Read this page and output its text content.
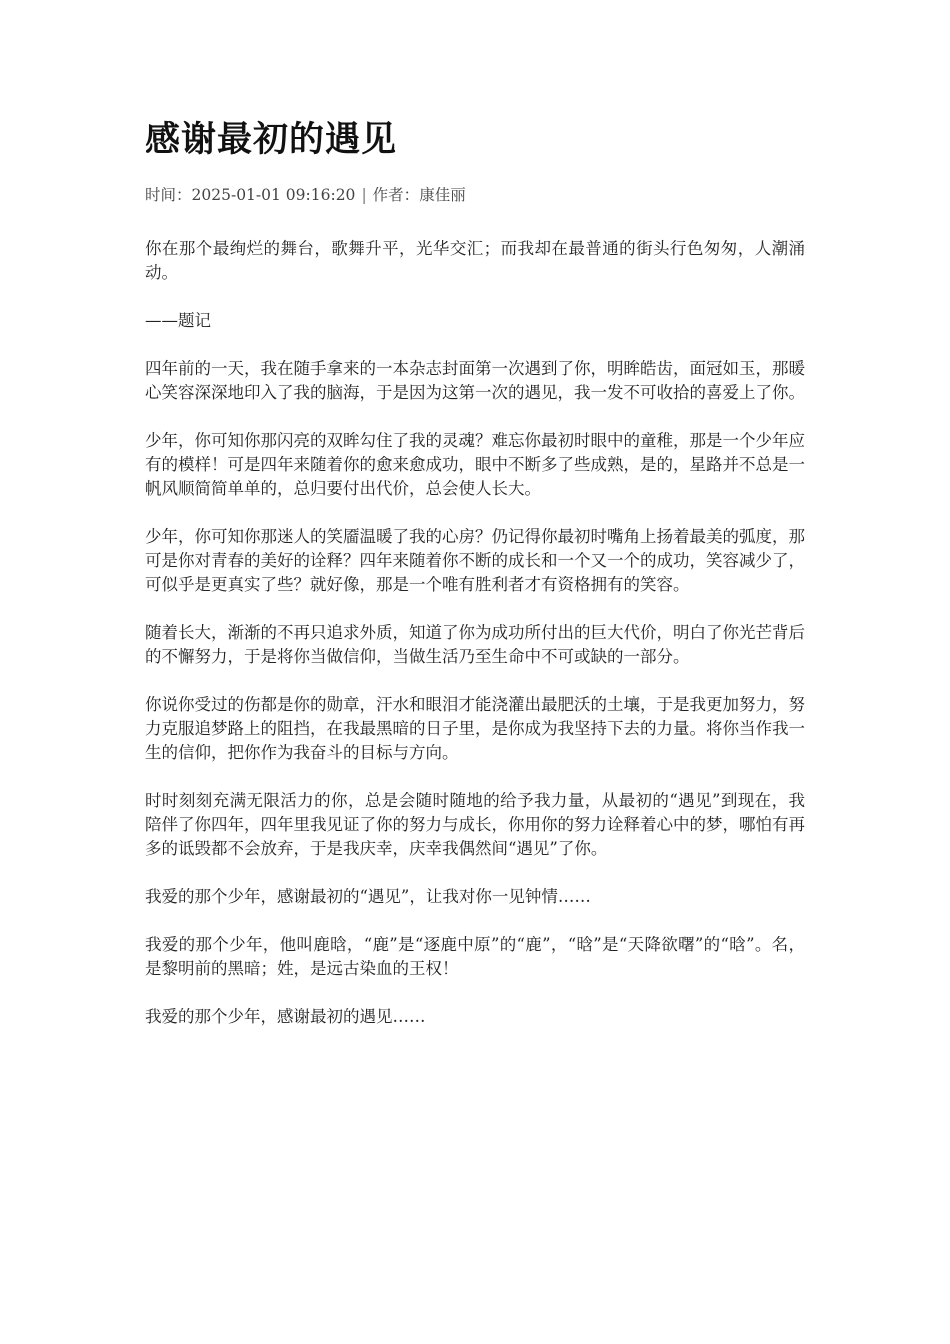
感谢最初的遇见
时间：2025-01-01 09:16:20 | 作者：康佳丽

你在那个最绚烂的舞台，歌舞升平，光华交汇；而我却在最普通的街头行色匆匆，人潮涌动。

——题记

四年前的一天，我在随手拿来的一本杂志封面第一次遇到了你，明眸皓齿，面冠如玉，那暖心笑容深深地印入了我的脑海，于是因为这第一次的遇见，我一发不可收拾的喜爱上了你。

少年，你可知你那闪亮的双眸勾住了我的灵魂？难忘你最初时眼中的童稚，那是一个少年应有的模样！可是四年来随着你的愈来愈成功，眼中不断多了些成熟，是的，星路并不总是一帆风顺简简单单的，总归要付出代价，总会使人长大。

少年，你可知你那迷人的笑靥温暖了我的心房？仍记得你最初时嘴角上扬着最美的弧度，那可是你对青春的美好的诠释？四年来随着你不断的成长和一个又一个的成功，笑容减少了，可似乎是更真实了些？就好像，那是一个唯有胜利者才有资格拥有的笑容。

随着长大，渐渐的不再只追求外质，知道了你为成功所付出的巨大代价，明白了你光芒背后的不懈努力，于是将你当做信仰，当做生活乃至生命中不可或缺的一部分。

你说你受过的伤都是你的勋章，汗水和眼泪才能浇灌出最肥沃的土壤，于是我更加努力，努力克服追梦路上的阻挡，在我最黑暗的日子里，是你成为我坚持下去的力量。将你当作我一生的信仰，把你作为我奋斗的目标与方向。

时时刻刻充满无限活力的你，总是会随时随地的给予我力量，从最初的“遇见”到现在，我陪伴了你四年，四年里我见证了你的努力与成长，你用你的努力诠释着心中的梦，哪怕有再多的诋毁都不会放弃，于是我庆幸，庆幸我偶然间“遇见”了你。

我爱的那个少年，感谢最初的“遇见”，让我对你一见钟情……

我爱的那个少年，他叫鹿晗，“鹿”是“逐鹿中原”的“鹿”，“晗”是“天降欲曙”的“晗”。名，是黎明前的黑暗；姓，是远古染血的王权！

我爱的那个少年，感谢最初的遇见……
